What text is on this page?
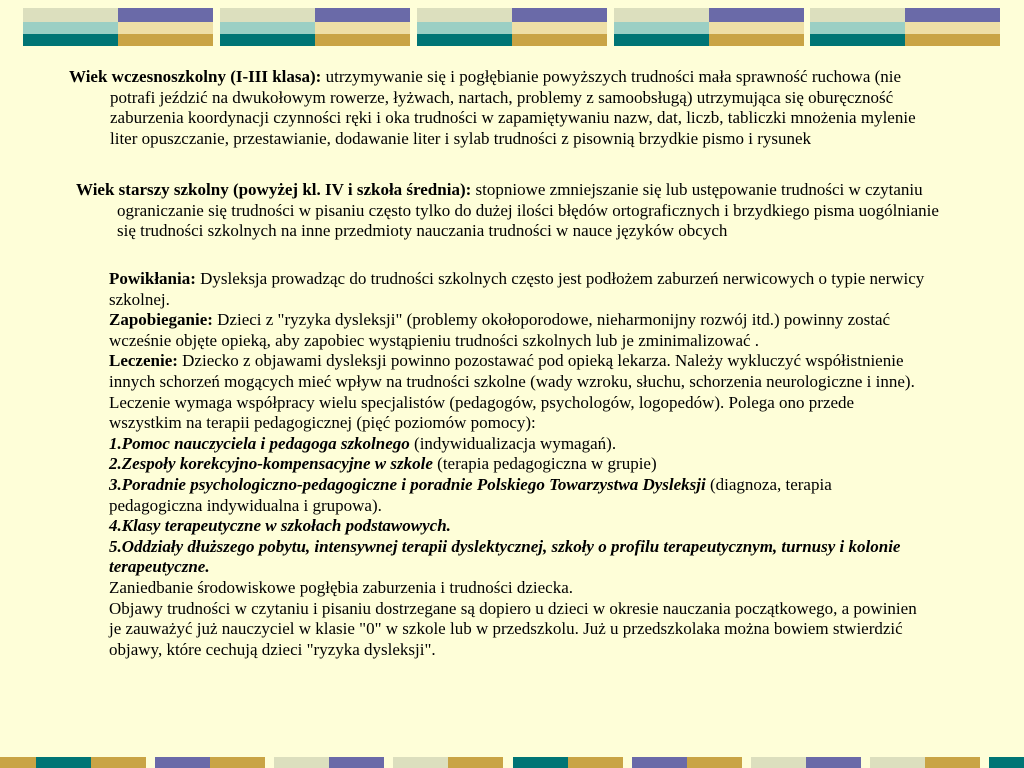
Wiek wczesnoszkolny (I-III klasa): utrzymywanie się i pogłębianie powyższych trudności mała sprawność ruchowa (nie potrafi jeździć na dwukołowym rowerze, łyżwach, nartach, problemy z samoobsługą) utrzymująca się oburęczność zaburzenia koordynacji czynności ręki i oka trudności w zapamiętywaniu nazw, dat, liczb, tabliczki mnożenia mylenie liter opuszczanie, przestawianie, dodawanie liter i sylab trudności z pisownią brzydkie pismo i rysunek
Wiek starszy szkolny (powyżej kl. IV i szkoła średnia): stopniowe zmniejszanie się lub ustępowanie trudności w czytaniu ograniczanie się trudności w pisaniu często tylko do dużej ilości błędów ortograficznych i brzydkiego pisma uogólnianie się trudności szkolnych na inne przedmioty nauczania trudności w nauce języków obcych
Powikłania: Dysleksja prowadząc do trudności szkolnych często jest podłożem zaburzeń nerwicowych o typie nerwicy szkolnej.
Zapobieganie: Dzieci z "ryzyka dysleksji" (problemy okołoporodowe, nieharmonijny rozwój itd.) powinny zostać wcześnie objęte opieką, aby zapobiec wystąpieniu trudności szkolnych lub je zminimalizować .
Leczenie: Dziecko z objawami dysleksji powinno pozostawać pod opieką lekarza. Należy wykluczyć współistnienie innych schorzeń mogących mieć wpływ na trudności szkolne (wady wzroku, słuchu, schorzenia neurologiczne i inne). Leczenie wymaga współpracy wielu specjalistów (pedagogów, psychologów, logopedów). Polega ono przede wszystkim na terapii pedagogicznej (pięć poziomów pomocy):
1.Pomoc nauczyciela i pedagoga szkolnego (indywidualizacja wymagań).
2.Zespoły korekcyjno-kompensacyjne w szkole (terapia pedagogiczna w grupie)
3.Poradnie psychologiczno-pedagogiczne i poradnie Polskiego Towarzystwa Dysleksji (diagnoza, terapia pedagogiczna indywidualna i grupowa).
4.Klasy terapeutyczne w szkołach podstawowych.
5.Oddziały dłuższego pobytu, intensywnej terapii dyslektycznej, szkoły o profilu terapeutycznym, turnusy i kolonie terapeutyczne.
Zaniedbanie środowiskowe pogłębia zaburzenia i trudności dziecka.
Objawy trudności w czytaniu i pisaniu dostrzegane są dopiero u dzieci w okresie nauczania początkowego, a powinien je zauważyć już nauczyciel w klasie "0" w szkole lub w przedszkolu. Już u przedszkolaka można bowiem stwierdzić objawy, które cechują dzieci "ryzyka dysleksji".
